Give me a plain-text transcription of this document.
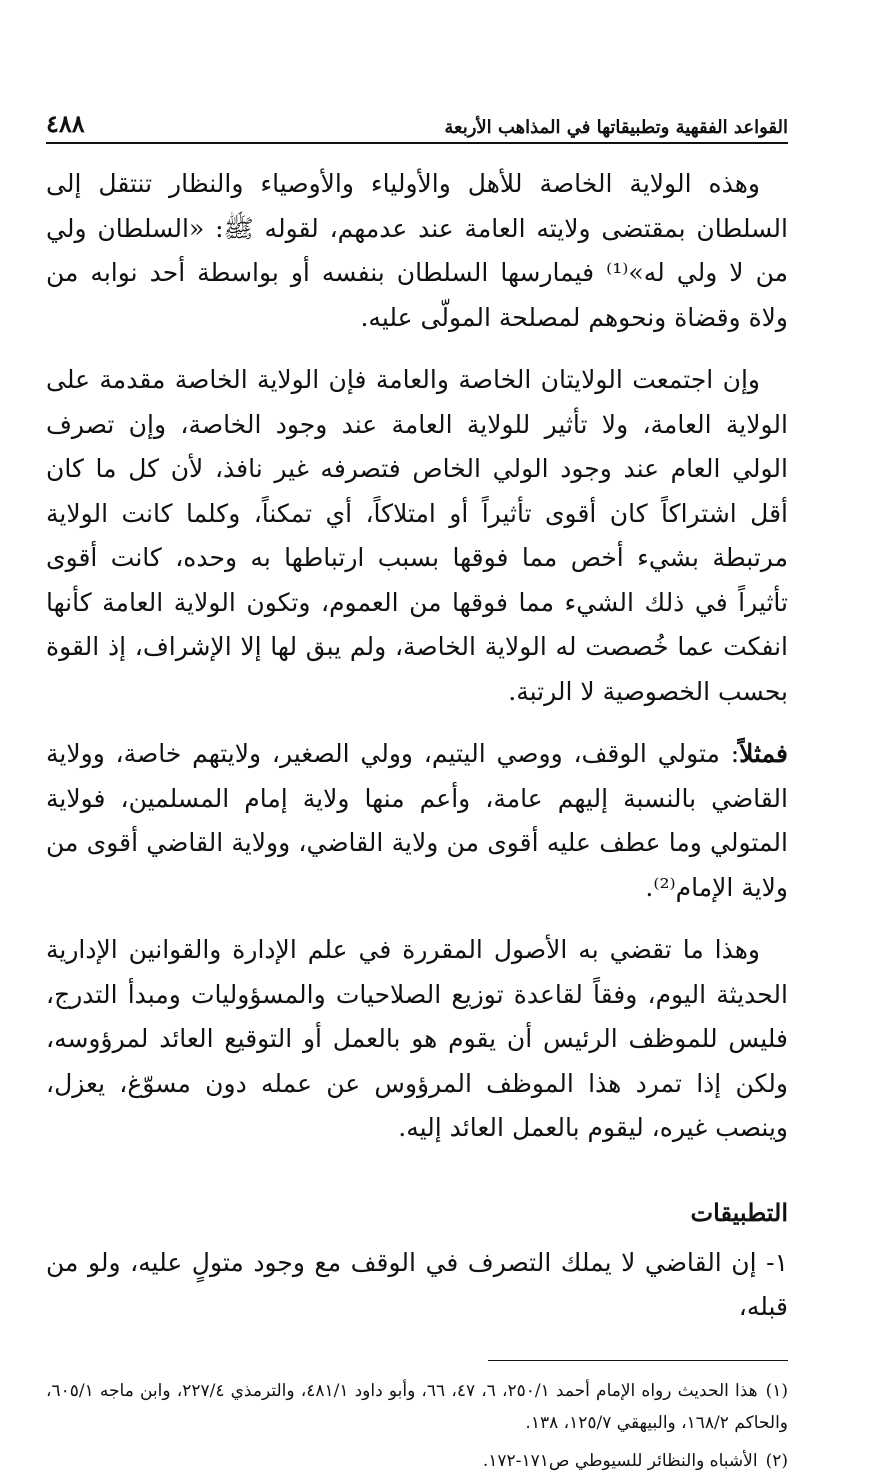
القواعد الفقهية وتطبيقاتها في المذاهب الأربعة
٤٨٨

وهذه الولاية الخاصة للأهل والأولياء والأوصياء والنظار تنتقل إلى السلطان بمقتضى ولايته العامة عند عدمهم، لقوله ﷺ: «السلطان ولي من لا ولي له»⁽¹⁾ فيمارسها السلطان بنفسه أو بواسطة أحد نوابه من ولاة وقضاة ونحوهم لمصلحة المولّى عليه.

وإن اجتمعت الولايتان الخاصة والعامة فإن الولاية الخاصة مقدمة على الولاية العامة، ولا تأثير للولاية العامة عند وجود الخاصة، وإن تصرف الولي العام عند وجود الولي الخاص فتصرفه غير نافذ، لأن كل ما كان أقل اشتراكاً كان أقوى تأثيراً أو امتلاكاً، أي تمكناً، وكلما كانت الولاية مرتبطة بشيء أخص مما فوقها بسبب ارتباطها به وحده، كانت أقوى تأثيراً في ذلك الشيء مما فوقها من العموم، وتكون الولاية العامة كأنها انفكت عما خُصصت له الولاية الخاصة، ولم يبق لها إلا الإشراف، إذ القوة بحسب الخصوصية لا الرتبة.

فمثلاً: متولي الوقف، ووصي اليتيم، وولي الصغير، ولايتهم خاصة، وولاية القاضي بالنسبة إليهم عامة، وأعم منها ولاية إمام المسلمين، فولاية المتولي وما عطف عليه أقوى من ولاية القاضي، وولاية القاضي أقوى من ولاية الإمام⁽²⁾.

وهذا ما تقضي به الأصول المقررة في علم الإدارة والقوانين الإدارية الحديثة اليوم، وفقاً لقاعدة توزيع الصلاحيات والمسؤوليات ومبدأ التدرج، فليس للموظف الرئيس أن يقوم هو بالعمل أو التوقيع العائد لمرؤوسه، ولكن إذا تمرد هذا الموظف المرؤوس عن عمله دون مسوّغ، يعزل، وينصب غيره، ليقوم بالعمل العائد إليه.

التطبيقات

١- إن القاضي لا يملك التصرف في الوقف مع وجود متولٍ عليه، ولو من قبله،

(١)هذا الحديث رواه الإمام أحمد ٢٥٠/١، ٦، ٤٧، ٦٦، وأبو داود ٤٨١/١، والترمذي ٢٢٧/٤، وابن ماجه ٦٠٥/١، والحاكم ١٦٨/٢، والبيهقي ١٢٥/٧، ١٣٨.

(٢)الأشباه والنظائر للسيوطي ص١٧١-١٧٢.
